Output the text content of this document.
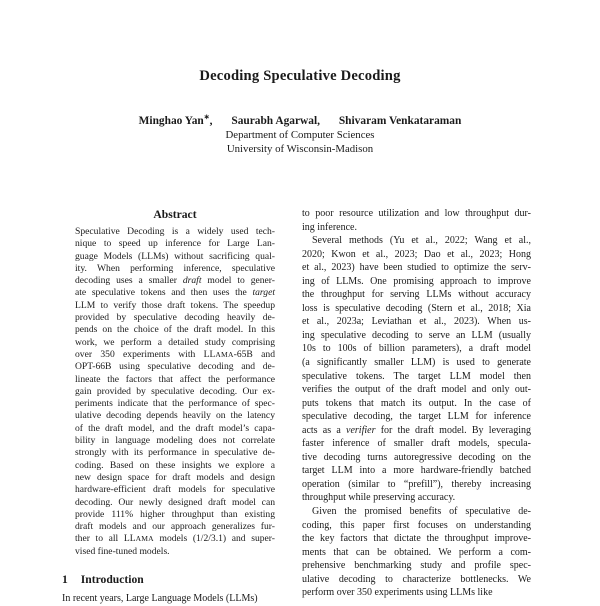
Decoding Speculative Decoding
Minghao Yan∗, Saurabh Agarwal, Shivaram Venkataraman
Department of Computer Sciences
University of Wisconsin-Madison
Abstract
Speculative Decoding is a widely used tech-
nique to speed up inference for Large Lan-
guage Models (LLMs) without sacrificing qual-
ity. When performing inference, speculative
decoding uses a smaller draft model to gener-
ate speculative tokens and then uses the target
LLM to verify those draft tokens. The speedup
provided by speculative decoding heavily de-
pends on the choice of the draft model. In this
work, we perform a detailed study comprising
over 350 experiments with LLAMA-65B and
OPT-66B using speculative decoding and de-
lineate the factors that affect the performance
gain provided by speculative decoding. Our ex-
periments indicate that the performance of spec-
ulative decoding depends heavily on the latency
of the draft model, and the draft model’s capa-
bility in language modeling does not correlate
strongly with its performance in speculative de-
coding. Based on these insights we explore a
new design space for draft models and design
hardware-efficient draft models for speculative
decoding. Our newly designed draft model can
provide 111% higher throughput than existing
draft models and our approach generalizes fur-
ther to all LLAMA models (1/2/3.1) and super-
vised fine-tuned models.
1 Introduction
In recent years, Large Language Models (LLMs)
to poor resource utilization and low throughput dur-
ing inference.
Several methods (Yu et al., 2022; Wang et al.,
2020; Kwon et al., 2023; Dao et al., 2023; Hong
et al., 2023) have been studied to optimize the serv-
ing of LLMs. One promising approach to improve
the throughput for serving LLMs without accuracy
loss is speculative decoding (Stern et al., 2018; Xia
et al., 2023a; Leviathan et al., 2023). When us-
ing speculative decoding to serve an LLM (usually
10s to 100s of billion parameters), a draft model
(a significantly smaller LLM) is used to generate
speculative tokens. The target LLM model then
verifies the output of the draft model and only out-
puts tokens that match its output. In the case of
speculative decoding, the target LLM for inference
acts as a verifier for the draft model. By leveraging
faster inference of smaller draft models, specula-
tive decoding turns autoregressive decoding on the
target LLM into a more hardware-friendly batched
operation (similar to “prefill”), thereby increasing
throughput while preserving accuracy.
Given the promised benefits of speculative de-
coding, this paper first focuses on understanding
the key factors that dictate the throughput improve-
ments that can be obtained. We perform a com-
prehensive benchmarking study and profile spec-
ulative decoding to characterize bottlenecks. We
perform over 350 experiments using LLMs like
